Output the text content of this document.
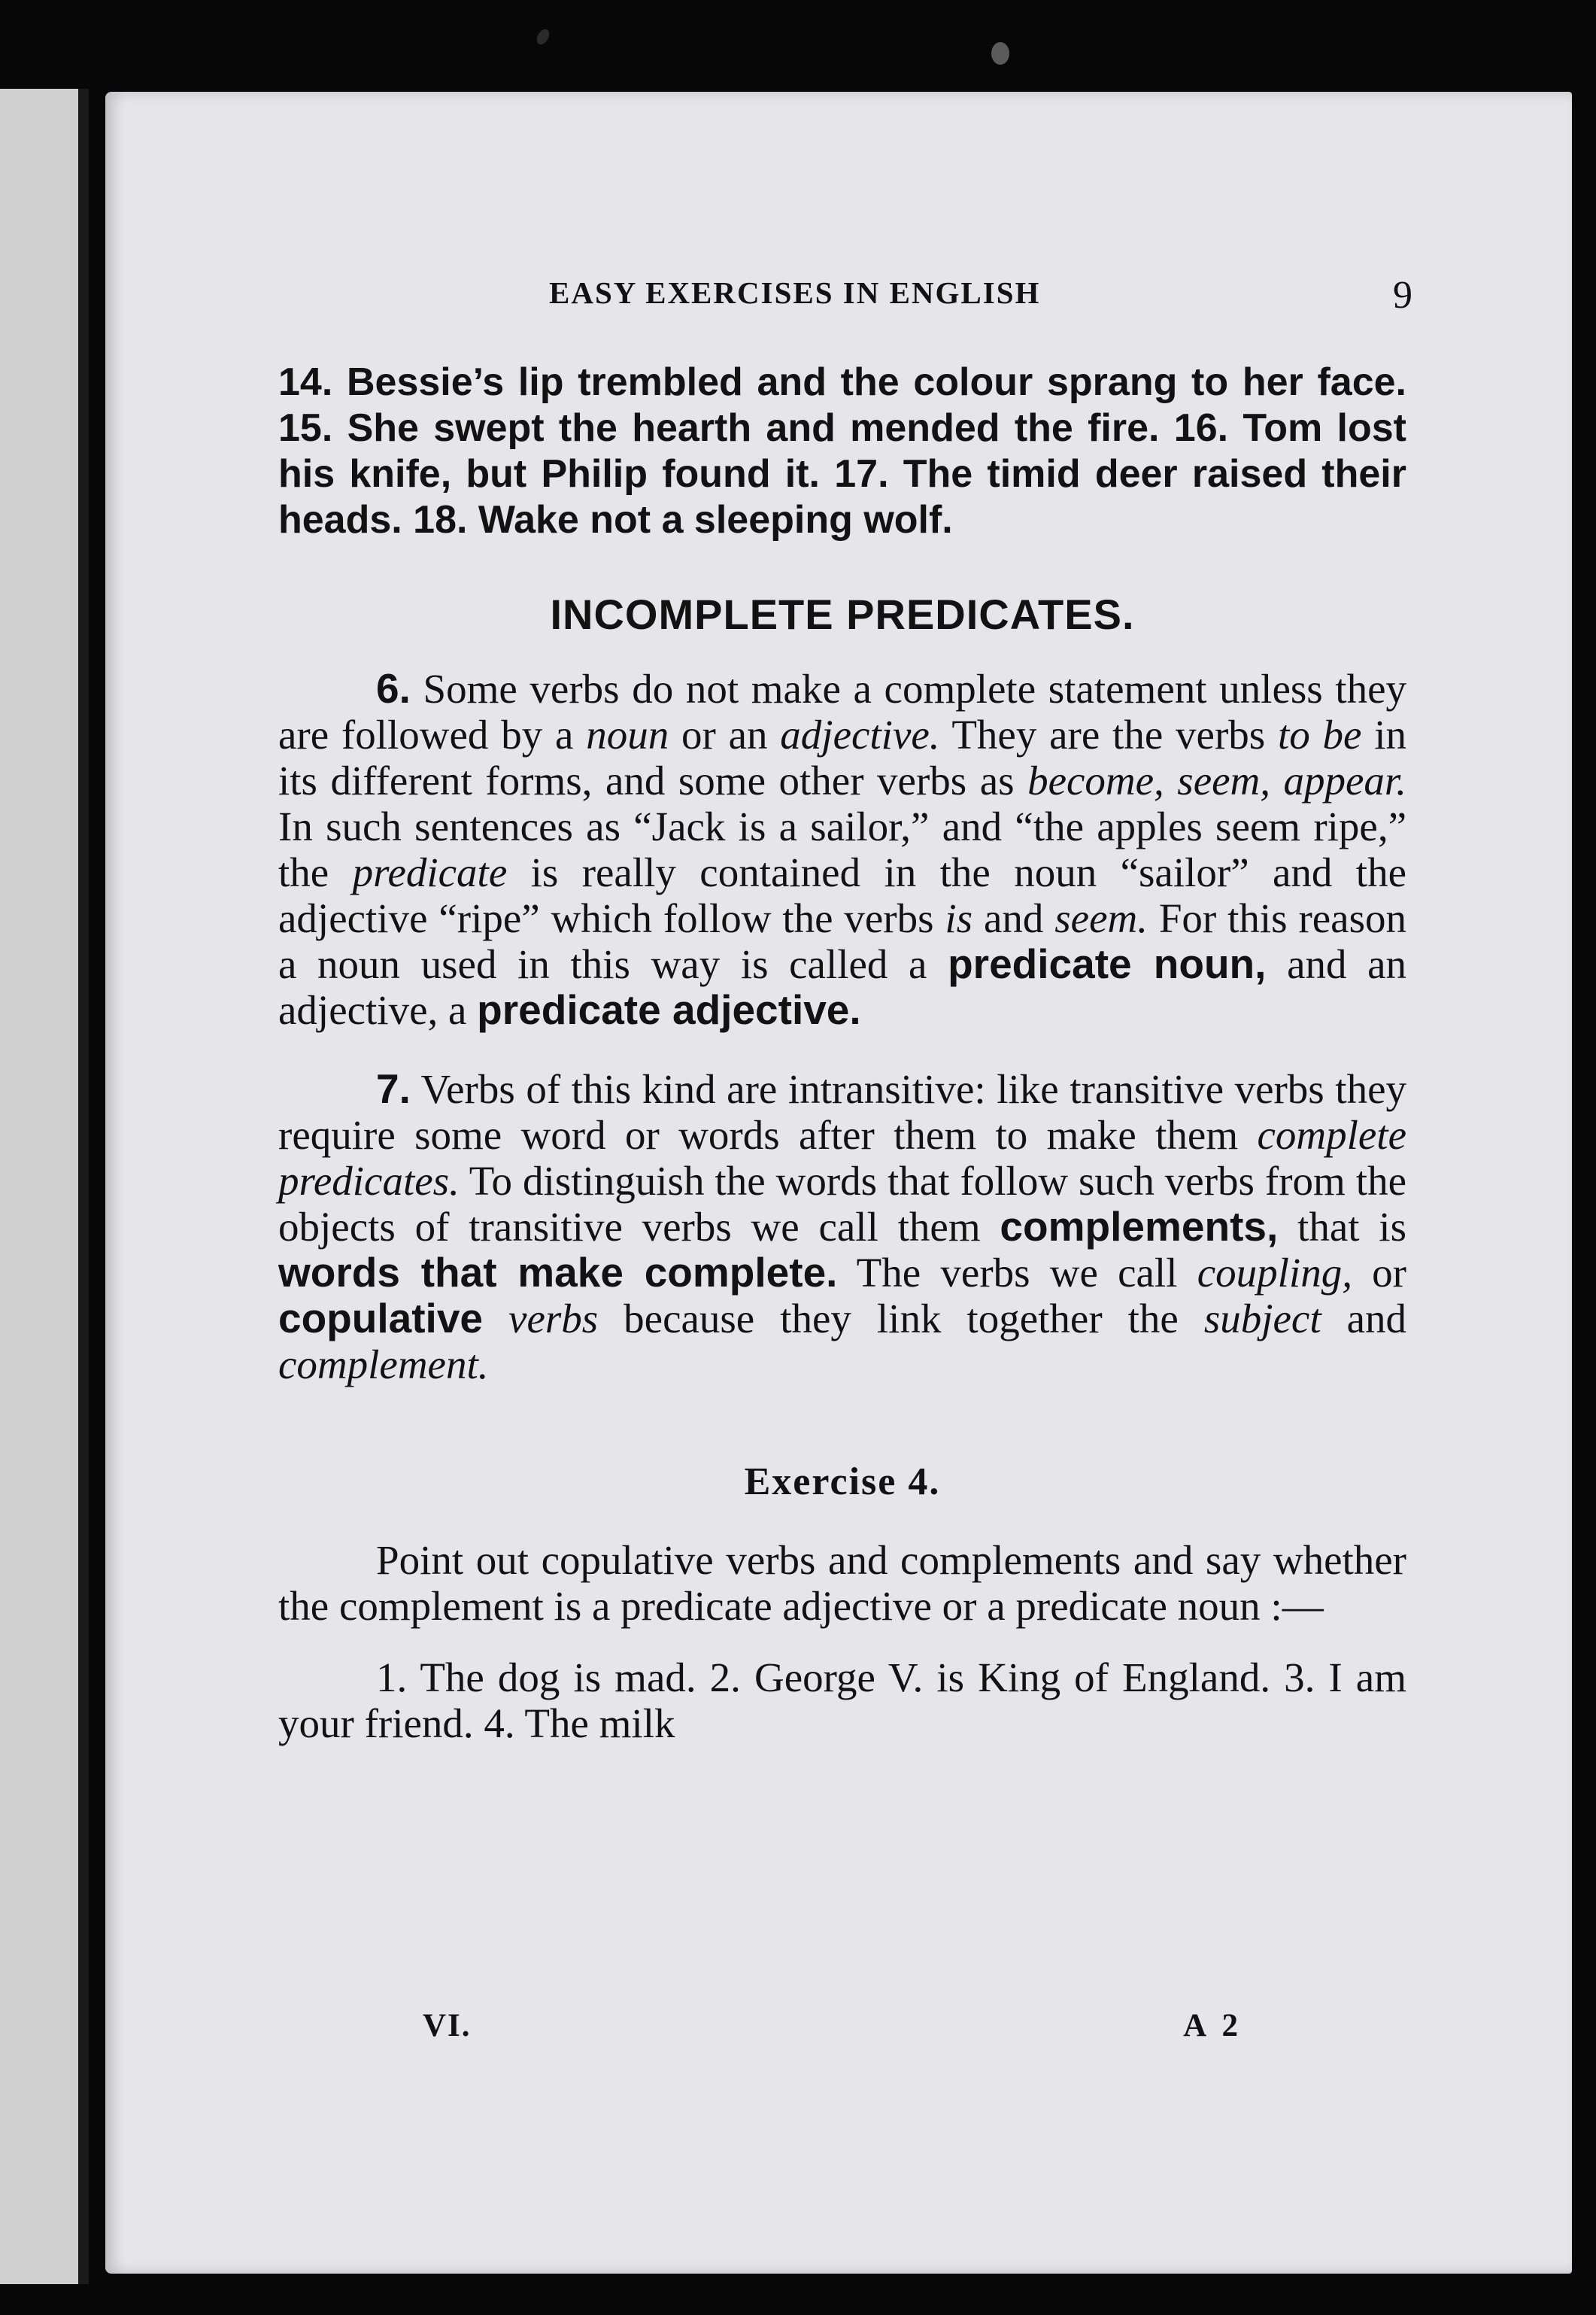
EASY EXERCISES IN ENGLISH	9

14. Bessie’s lip trembled and the colour sprang to her face. 15. She swept the hearth and mended the fire. 16. Tom lost his knife, but Philip found it. 17. The timid deer raised their heads. 18. Wake not a sleeping wolf.

INCOMPLETE PREDICATES.

6. Some verbs do not make a complete statement unless they are followed by a noun or an adjective. They are the verbs to be in its different forms, and some other verbs as become, seem, appear. In such sentences as “Jack is a sailor,” and “the apples seem ripe,” the predicate is really contained in the noun “sailor” and the adjective “ripe” which follow the verbs is and seem. For this reason a noun used in this way is called a predicate noun, and an adjective, a predicate adjective.

7. Verbs of this kind are intransitive: like transitive verbs they require some word or words after them to make them complete predicates. To distinguish the words that follow such verbs from the objects of transitive verbs we call them complements, that is words that make complete. The verbs we call coupling, or copulative verbs because they link together the subject and complement.

Exercise 4.

Point out copulative verbs and complements and say whether the complement is a predicate adjective or a predicate noun :—

1. The dog is mad. 2. George V. is King of England. 3. I am your friend. 4. The milk

VI.	A 2
